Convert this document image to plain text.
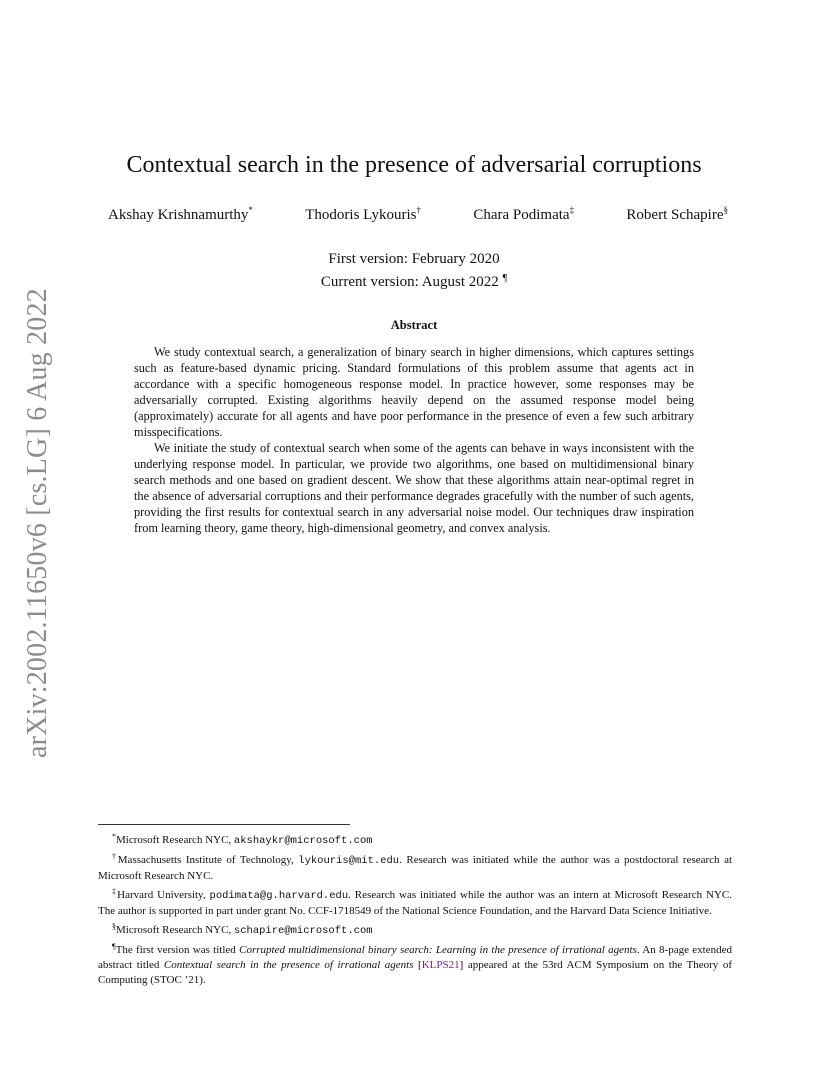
arXiv:2002.11650v6 [cs.LG] 6 Aug 2022
Contextual search in the presence of adversarial corruptions
Akshay Krishnamurthy*	Thodoris Lykouris†	Chara Podimata‡	Robert Schapire§
First version: February 2020
Current version: August 2022 ¶
Abstract

We study contextual search, a generalization of binary search in higher dimensions, which captures settings such as feature-based dynamic pricing. Standard formulations of this problem assume that agents act in accordance with a specific homogeneous response model. In practice however, some responses may be adversarially corrupted. Existing algorithms heavily depend on the assumed response model being (approximately) accurate for all agents and have poor performance in the presence of even a few such arbitrary misspecifications.

We initiate the study of contextual search when some of the agents can behave in ways inconsistent with the underlying response model. In particular, we provide two algorithms, one based on multidimensional binary search methods and one based on gradient descent. We show that these algorithms attain near-optimal regret in the absence of adversarial corruptions and their performance degrades gracefully with the number of such agents, providing the first results for contextual search in any adversarial noise model. Our techniques draw inspiration from learning theory, game theory, high-dimensional geometry, and convex analysis.

*Microsoft Research NYC, akshaykr@microsoft.com

†Massachusetts Institute of Technology, lykouris@mit.edu. Research was initiated while the author was a postdoctoral research at Microsoft Research NYC.

‡Harvard University, podimata@g.harvard.edu. Research was initiated while the author was an intern at Microsoft Research NYC. The author is supported in part under grant No. CCF-1718549 of the National Science Foundation, and the Harvard Data Science Initiative.

§Microsoft Research NYC, schapire@microsoft.com

¶The first version was titled Corrupted multidimensional binary search: Learning in the presence of irrational agents. An 8-page extended abstract titled Contextual search in the presence of irrational agents [KLPS21] appeared at the 53rd ACM Symposium on the Theory of Computing (STOC ’21).
